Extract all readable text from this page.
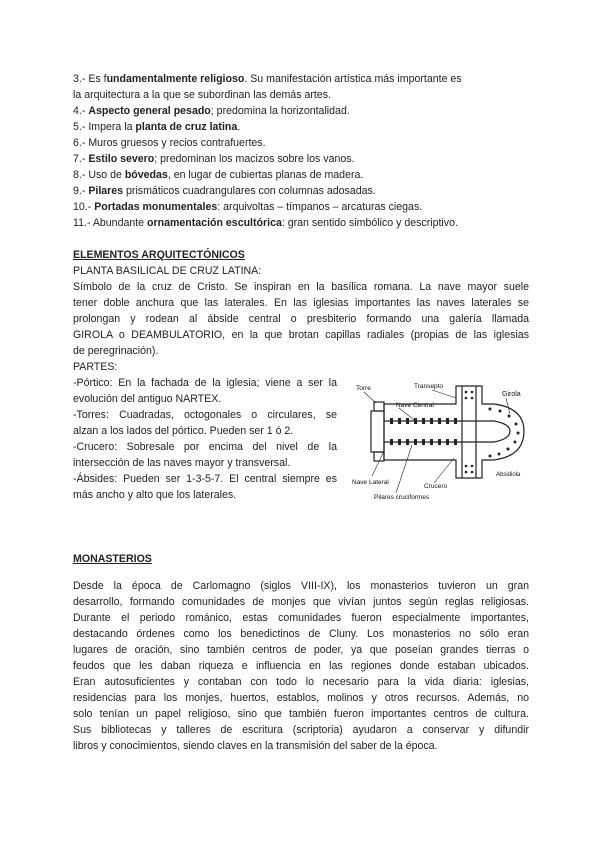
3.- Es fundamentalmente religioso. Su manifestación artística más importante es
la arquitectura a la que se subordinan las demás artes.
4.- Aspecto general pesado; predomina la horizontalidad.
5.- Impera la planta de cruz latina.
6.- Muros gruesos y recios contrafuertes.
7.- Estilo severo; predominan los macizos sobre los vanos.
8.- Uso de bóvedas, en lugar de cubiertas planas de madera.
9.- Pilares prismáticos cuadrangulares con columnas adosadas.
10.- Portadas monumentales: arquivoltas – tímpanos – arcaturas ciegas.
11.- Abundante ornamentación escultórica: gran sentido simbólico y descriptivo.
ELEMENTOS ARQUITECTÓNICOS
PLANTA BASILICAL DE CRUZ LATINA:
Símbolo de la cruz de Cristo. Se inspiran en la basílica romana. La nave mayor suele
tener doble anchura que las laterales. En las iglesias importantes las naves laterales se
prolongan y rodean al ábside central o presbiterio formando una galería llamada
GIROLA o DEAMBULATORIO, en la que brotan capillas radiales (propias de las iglesias
de peregrinación).
PARTES:
-Pórtico: En la fachada de la iglesia; viene a ser la
evolución del antiguo NARTEX.
-Torres: Cuadradas, octogonales o circulares, se
alzan a los lados del pórtico. Pueden ser 1 ó 2.
-Crucero: Sobresale por encima del nivel de la
intersección de las naves mayor y transversal.
-Ábsides: Pueden ser 1-3-5-7. El central siempre es
más ancho y alto que los laterales.
Torre	Transepto
Nave Central
Girola
Absidiola
Nave Lateral
Crucero
Pilares cruciformes
MONASTERIOS
Desde la época de Carlomagno (siglos VIII-IX), los monasterios tuvieron un gran
desarrollo, formando comunidades de monjes que vivían juntos según reglas religiosas.
Durante el periodo románico, estas comunidades fueron especialmente importantes,
destacando órdenes como los benedictinos de Cluny. Los monasterios no sólo eran
lugares de oración, sino también centros de poder, ya que poseían grandes tierras o
feudos que les daban riqueza e influencia en las regiones donde estaban ubicados.
Eran autosuficientes y contaban con todo lo necesario para la vida diaria: iglesias,
residencias para los monjes, huertos, establos, molinos y otros recursos. Además, no
solo tenían un papel religioso, sino que también fueron importantes centros de cultura.
Sus bibliotecas y talleres de escritura (scriptoria) ayudaron a conservar y difundir
libros y conocimientos, siendo claves en la transmisión del saber de la época.
